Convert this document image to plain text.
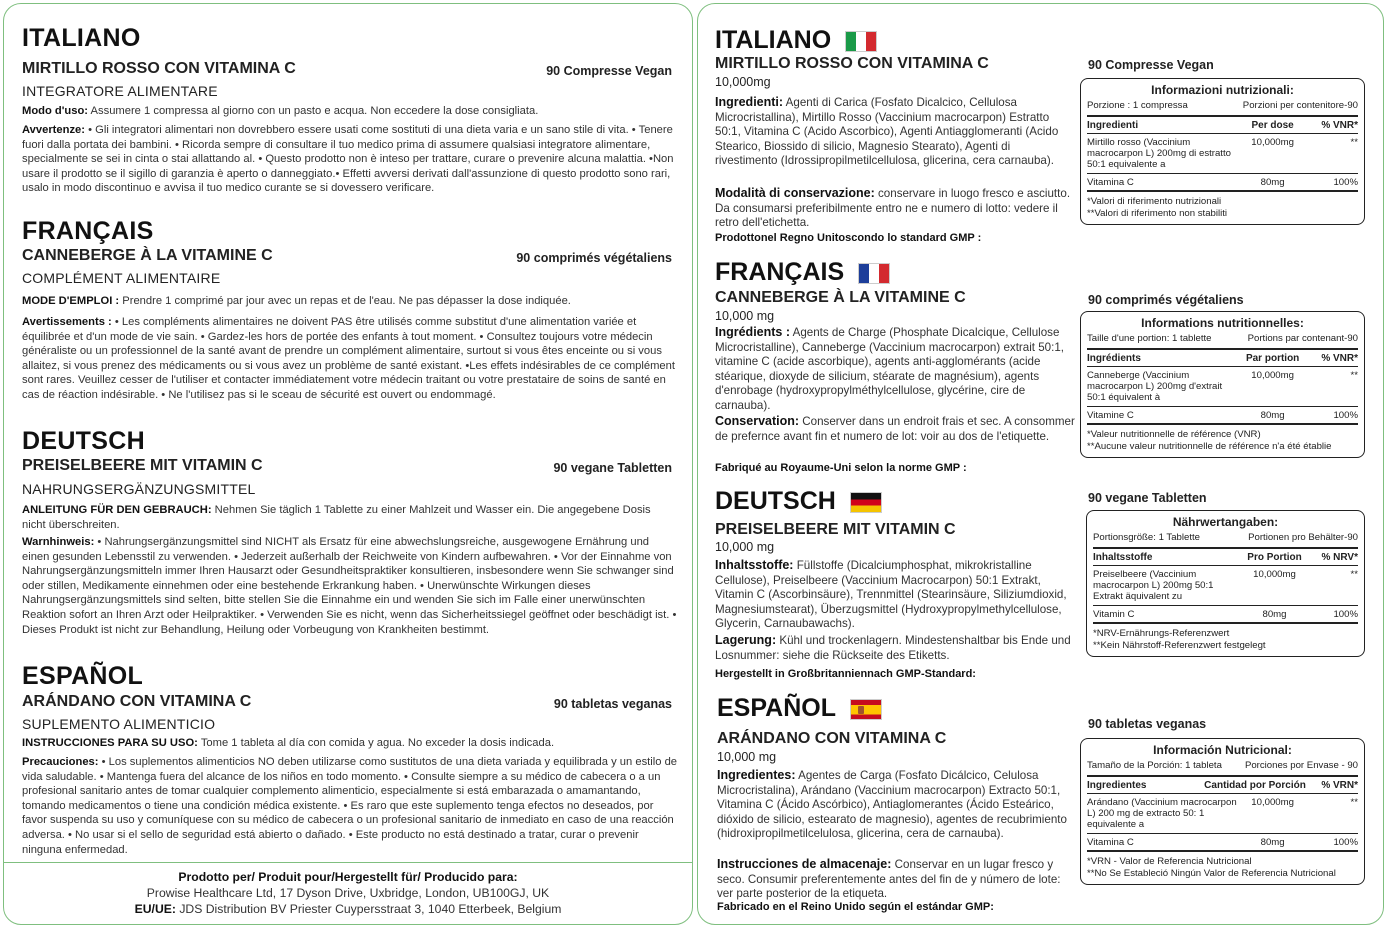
ITALIANO
MIRTILLO ROSSO CON VITAMINA C	90 Compresse Vegan
INTEGRATORE ALIMENTARE
Modo d'uso: Assumere 1 compressa al giorno con un pasto e acqua. Non eccedere la dose consigliata.
Avvertenze: • Gli integratori alimentari non dovrebbero essere usati come sostituti di una dieta varia e un sano stile di vita. • Tenere fuori dalla portata dei bambini. • Ricorda sempre di consultare il tuo medico prima di assumere qualsiasi integratore alimentare, specialmente se sei in cinta o stai allattando al. • Questo prodotto non è inteso per trattare, curare o prevenire alcuna malattia. •Non usare il prodotto se il sigillo di garanzia è aperto o danneggiato.• Effetti avversi derivati dall'assunzione di questo prodotto sono rari, usalo in modo discontinuo e avvisa il tuo medico curante se si dovessero verificare.
FRANÇAIS
CANNEBERGE À LA VITAMINE C	90 comprimés végétaliens
COMPLÉMENT ALIMENTAIRE
MODE D'EMPLOI : Prendre 1 comprimé par jour avec un repas et de l'eau. Ne pas dépasser la dose indiquée.
Avertissements : • Les compléments alimentaires ne doivent PAS être utilisés comme substitut d'une alimentation variée et équilibrée et d'un mode de vie sain. • Gardez-les hors de portée des enfants à tout moment. • Consultez toujours votre médecin généraliste ou un professionnel de la santé avant de prendre un complément alimentaire, surtout si vous êtes enceinte ou si vous allaitez, si vous prenez des médicaments ou si vous avez un problème de santé existant. •Les effets indésirables de ce complément sont rares. Veuillez cesser de l'utiliser et contacter immédiatement votre médecin traitant ou votre prestataire de soins de santé en cas de réaction indésirable. • Ne l'utilisez pas si le sceau de sécurité est ouvert ou endommagé.
DEUTSCH
PREISELBEERE MIT VITAMIN C	90 vegane Tabletten
NAHRUNGSERGÄNZUNGSMITTEL
ANLEITUNG FÜR DEN GEBRAUCH: Nehmen Sie täglich 1 Tablette zu einer Mahlzeit und Wasser ein. Die angegebene Dosis nicht überschreiten.
Warnhinweis: • Nahrungsergänzungsmittel sind NICHT als Ersatz für eine abwechslungsreiche, ausgewogene Ernährung und einen gesunden Lebensstil zu verwenden. • Jederzeit außerhalb der Reichweite von Kindern aufbewahren. • Vor der Einnahme von Nahrungsergänzungsmitteln immer Ihren Hausarzt oder Gesundheitspraktiker konsultieren, insbesondere wenn Sie schwanger sind oder stillen, Medikamente einnehmen oder eine bestehende Erkrankung haben. • Unerwünschte Wirkungen dieses Nahrungsergänzungsmittels sind selten, bitte stellen Sie die Einnahme ein und wenden Sie sich im Falle einer unerwünschten Reaktion sofort an Ihren Arzt oder Heilpraktiker. • Verwenden Sie es nicht, wenn das Sicherheitssiegel geöffnet oder beschädigt ist. • Dieses Produkt ist nicht zur Behandlung, Heilung oder Vorbeugung von Krankheiten bestimmt.
ESPAÑOL
ARÁNDANO CON VITAMINA C	90 tabletas veganas
SUPLEMENTO ALIMENTICIO
INSTRUCCIONES PARA SU USO: Tome 1 tableta al día con comida y agua. No exceder la dosis indicada.
Precauciones: • Los suplementos alimenticios NO deben utilizarse como sustitutos de una dieta variada y equilibrada y un estilo de vida saludable. • Mantenga fuera del alcance de los niños en todo momento. • Consulte siempre a su médico de cabecera o a un profesional sanitario antes de tomar cualquier complemento alimenticio, especialmente si está embarazada o amamantando, tomando medicamentos o tiene una condición médica existente. • Es raro que este suplemento tenga efectos no deseados, por favor suspenda su uso y comuníquese con su médico de cabecera o un profesional sanitario de inmediato en caso de una reacción adversa. • No usar si el sello de seguridad está abierto o dañado. • Este producto no está destinado a tratar, curar o prevenir ninguna enfermedad.
Prodotto per/ Produit pour/Hergestellt für/ Producido para:
Prowise Healthcare Ltd, 17 Dyson Drive, Uxbridge, London, UB100GJ, UK
EU/UE: JDS Distribution BV Priester Cuypersstraat 3, 1040 Etterbeek, Belgium
ITALIANO
MIRTILLO ROSSO CON VITAMINA C
10,000mg
Ingredienti: Agenti di Carica (Fosfato Dicalcico, Cellulosa Microcristallina), Mirtillo Rosso (Vaccinium macrocarpon) Estratto 50:1, Vitamina C (Acido Ascorbico), Agenti Antiagglomeranti (Acido Stearico, Biossido di silicio, Magnesio Stearato), Agenti di rivestimento (Idrossipropilmetilcellulosa, glicerina, cera carnauba).
Modalità di conservazione: conservare in luogo fresco e asciutto. Da consumarsi preferibilmente entro ne e numero di lotto: vedere il retro dell'etichetta.
Prodottonel Regno Unitoscondo lo standard GMP :
90 Compresse Vegan
Informazioni nutrizionali:
Porzione : 1 compressa	Porzioni per contenitore-90
Ingredienti	Per dose	% VNR*
Mirtillo rosso (Vaccinium macrocarpon L) 200mg di estratto 50:1 equivalente a
10,000mg	**
Vitamina C	80mg	100%
*Valori di riferimento nutrizionali
**Valori di riferimento non stabiliti
FRANÇAIS
CANNEBERGE À LA VITAMINE C
10,000 mg
Ingrédients : Agents de Charge (Phosphate Dicalcique, Cellulose Microcristalline), Canneberge (Vaccinium macrocarpon) extrait 50:1, vitamine C (acide ascorbique), agents anti-agglomérants (acide stéarique, dioxyde de silicium, stéarate de magnésium), agents d'enrobage (hydroxypropylméthylcellulose, glycérine, cire de carnauba).
Conservation: Conserver dans un endroit frais et sec. A consommer de prefernce avant fin et numero de lot: voir au dos de l'etiquette.
Fabriqué au Royaume-Uni selon la norme GMP :
90 comprimés végétaliens
Informations nutritionnelles:
Taille d'une portion: 1 tablette	Portions par contenant-90
Ingrédients	Par portion	% VNR*
Canneberge (Vaccinium macrocarpon L) 200mg d'extrait 50:1 équivalent à
10,000mg	**
Vitamine C	80mg	100%
*Valeur nutritionnelle de référence (VNR)
**Aucune valeur nutritionnelle de référence n'a été établie
DEUTSCH
PREISELBEERE MIT VITAMIN C
10,000 mg
Inhaltsstoffe: Füllstoffe (Dicalciumphosphat, mikrokristalline Cellulose), Preiselbeere (Vaccinium Macrocarpon) 50:1 Extrakt, Vitamin C (Ascorbinsäure), Trennmittel (Stearinsäure, Siliziumdioxid, Magnesiumstearat), Überzugsmittel (Hydroxypropylmethylcellulose, Glycerin, Carnaubawachs).
Lagerung: Kühl und trockenlagern. Mindestenshaltbar bis Ende und Losnummer: siehe die Rückseite des Etiketts.
Hergestellt in Großbritanniennach GMP-Standard:
90 vegane Tabletten
Nährwertangaben:
Portionsgröße: 1 Tablette	Portionen pro Behälter-90
Inhaltsstoffe	Pro Portion	% NRV*
Preiselbeere (Vaccinium macrocarpon L) 200mg 50:1 Extrakt äquivalent zu
10,000mg	**
Vitamin C	80mg	100%
*NRV-Ernährungs-Referenzwert
**Kein Nährstoff-Referenzwert festgelegt
ESPAÑOL
ARÁNDANO CON VITAMINA C
10,000 mg
Ingredientes: Agentes de Carga (Fosfato Dicálcico, Celulosa Microcristalina), Arándano (Vaccinium macrocarpon) Extracto 50:1, Vitamina C (Ácido Ascórbico), Antiaglomerantes (Ácido Esteárico, dióxido de silicio, estearato de magnesio), agentes de recubrimiento (hidroxipropilmetilcelulosa, glicerina, cera de carnauba).
Instrucciones de almacenaje: Conservar en un lugar fresco y seco. Consumir preferentemente antes del fin de y número de lote: ver parte posterior de la etiqueta.
Fabricado en el Reino Unido según el estándar GMP:
90 tabletas veganas
Información Nutricional:
Tamaño de la Porción: 1 tableta Porciones por Envase - 90
Ingredientes	Cantidad por Porción	% VRN*
Arándano (Vaccinium macrocarpon L) 200 mg de extracto 50: 1 equivalente a
10,000mg	**
Vitamina C	80mg	100%
*VRN - Valor de Referencia Nutricional
**No Se Estableció Ningún Valor de Referencia Nutricional
